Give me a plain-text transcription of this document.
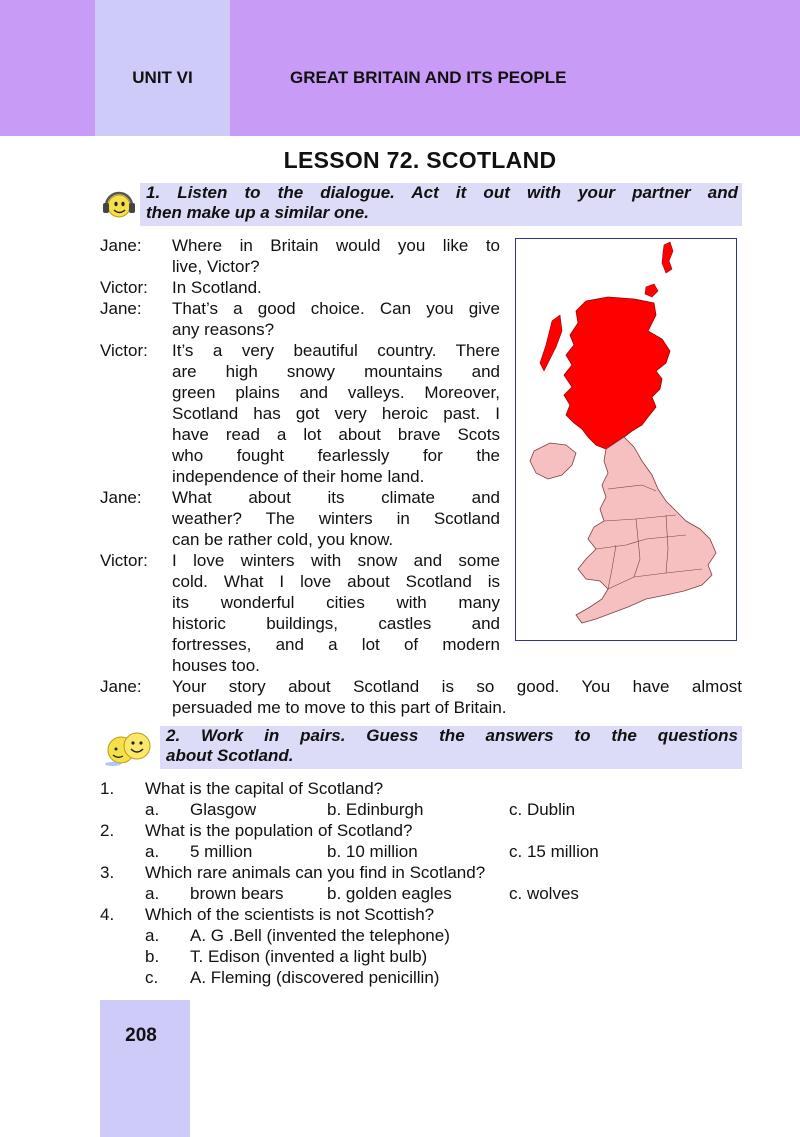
UNIT VI	GREAT BRITAIN AND ITS PEOPLE
LESSON 72. SCOTLAND

1. Listen to the dialogue. Act it out with your partner and

then make up a similar one.

Jane:	Where in Britain would you like to
live, Victor?
Victor:	In Scotland.
Jane:	That’s a good choice. Can you give
any reasons?
Victor:	It’s a very beautiful country. There
are high snowy mountains and
green plains and valleys. Moreover,
Scotland has got very heroic past. I
have read a lot about brave Scots
who fought fearlessly for the
independence of their home land.
Jane:	What about its climate and
weather? The winters in Scotland
can be rather cold, you know.
Victor:	I love winters with snow and some
cold. What I love about Scotland is
its wonderful cities with many
historic buildings, castles and
fortresses, and a lot of modern
houses too.
Jane:	Your story about Scotland is so good. You have almost
persuaded me to move to this part of Britain.

2. Work in pairs. Guess the answers to the questions

about Scotland.

1.	What is the capital of Scotland?
a.	Glasgow	b. Edinburgh	c. Dublin
2.	What is the population of Scotland?
a.	5 million	b. 10 million	c. 15 million
3.	Which rare animals can you find in Scotland?
a.	brown bears	b. golden eagles	c. wolves
4.	Which of the scientists is not Scottish?
a.	A. G .Bell (invented the telephone)
b.	T. Edison (invented a light bulb)
c.	A. Fleming (discovered penicillin)
208
